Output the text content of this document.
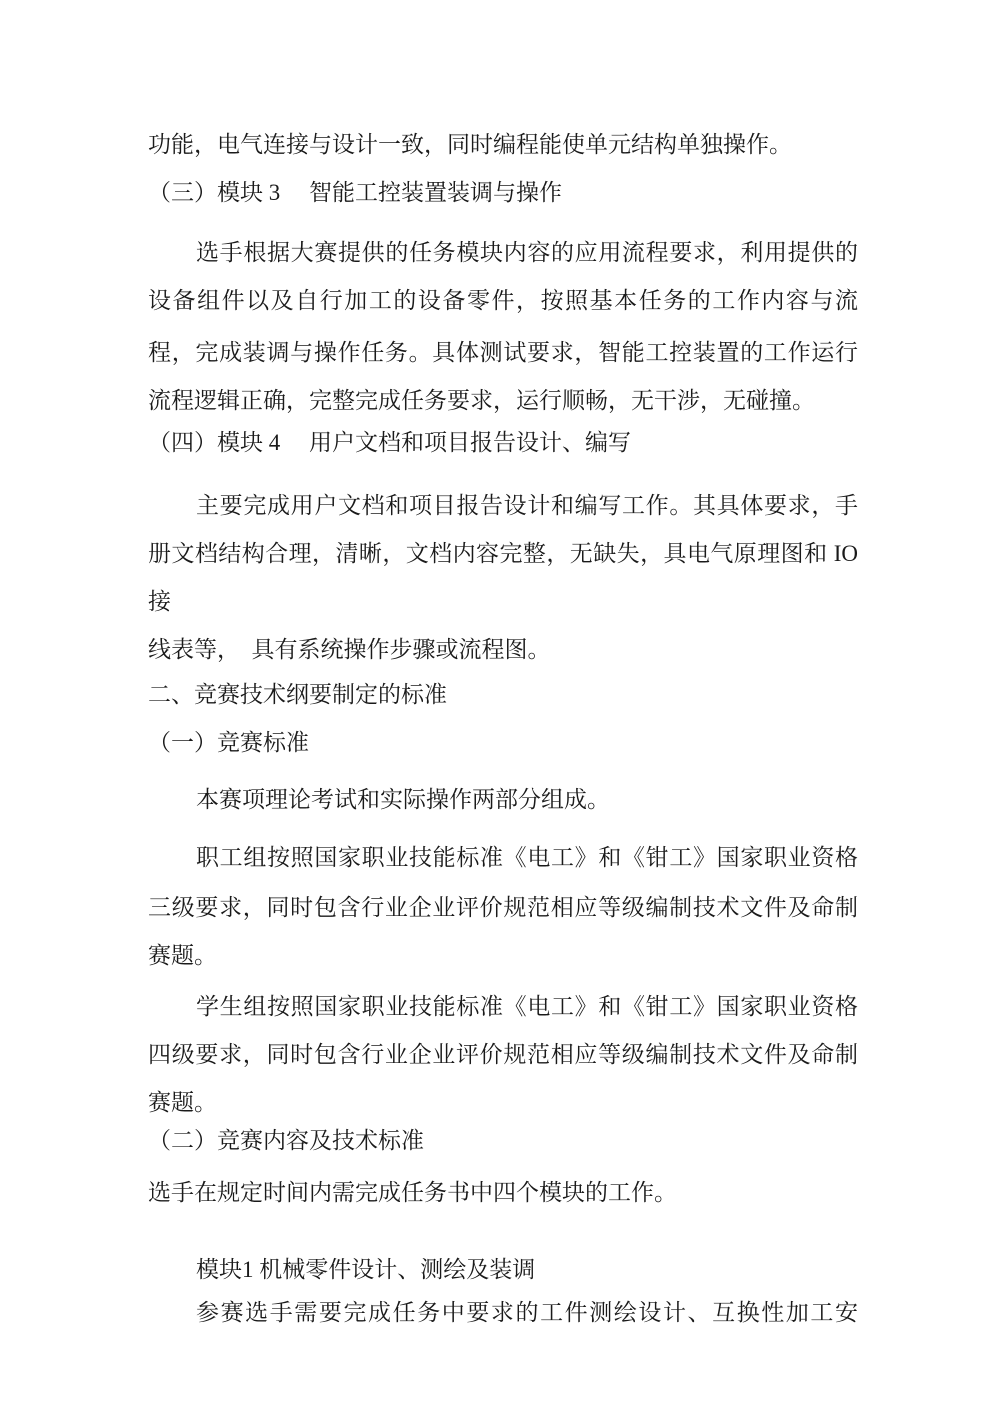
功能，电气连接与设计一致，同时编程能使单元结构单独操作。
（三）模块 3　 智能工控装置装调与操作
选手根据大赛提供的任务模块内容的应用流程要求，利用提供的
设备组件以及自行加工的设备零件，按照基本任务的工作内容与流
程，完成装调与操作任务。具体测试要求，智能工控装置的工作运行
流程逻辑正确，完整完成任务要求，运行顺畅，无干涉，无碰撞。
（四）模块 4　 用户文档和项目报告设计、编写
主要完成用户文档和项目报告设计和编写工作。其具体要求，手
册文档结构合理，清晰，文档内容完整，无缺失，具电气原理图和 IO接
线表等，　具有系统操作步骤或流程图。
二、竞赛技术纲要制定的标准
（一）竞赛标准
本赛项理论考试和实际操作两部分组成。
职工组按照国家职业技能标准《电工》和《钳工》国家职业资格
三级要求，同时包含行业企业评价规范相应等级编制技术文件及命制
赛题。
学生组按照国家职业技能标准《电工》和《钳工》国家职业资格
四级要求，同时包含行业企业评价规范相应等级编制技术文件及命制
赛题。
（二）竞赛内容及技术标准
选手在规定时间内需完成任务书中四个模块的工作。
模块1 机械零件设计、测绘及装调
参赛选手需要完成任务中要求的工件测绘设计、互换性加工安
